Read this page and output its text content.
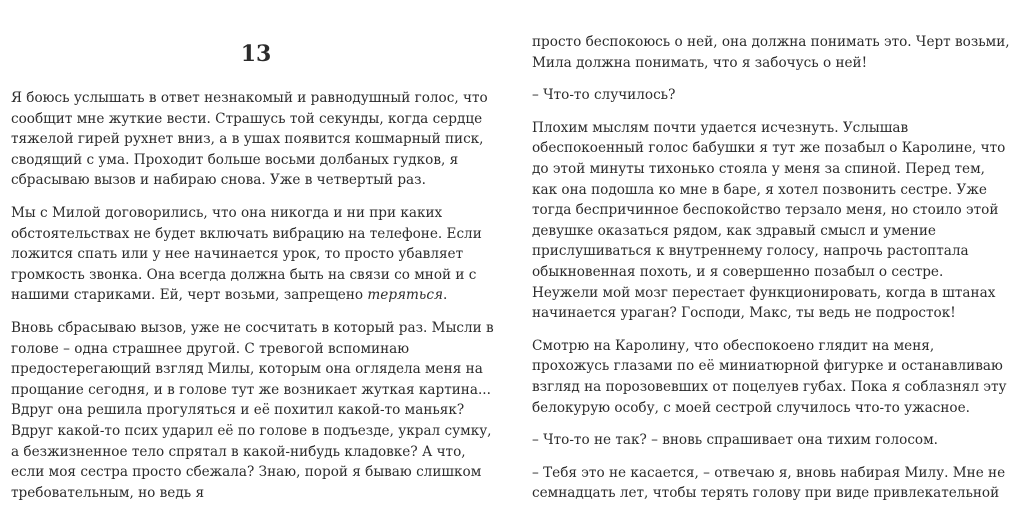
13

Я боюсь услышать в ответ незнакомый и равнодушный голос, что сообщит мне жуткие вести. Страшусь той секунды, когда сердце тяжелой гирей рухнет вниз, а в ушах появится кошмарный писк, сводящий с ума. Проходит больше восьми долбаных гудков, я сбрасываю вызов и набираю снова. Уже в четвертый раз.

Мы с Милой договорились, что она никогда и ни при каких обстоятельствах не будет включать вибрацию на телефоне. Если ложится спать или у нее начинается урок, то просто убавляет громкость звонка. Она всегда должна быть на связи со мной и с нашими стариками. Ей, черт возьми, запрещено теряться.

Вновь сбрасываю вызов, уже не сосчитать в который раз. Мысли в голове – одна страшнее другой. С тревогой вспоминаю предостерегающий взгляд Милы, которым она оглядела меня на прощание сегодня, и в голове тут же возникает жуткая картина... Вдруг она решила прогуляться и её похитил какой-то маньяк? Вдруг какой-то псих ударил её по голове в подъезде, украл сумку, а безжизненное тело спрятал в какой-нибудь кладовке? А что, если моя сестра просто сбежала? Знаю, порой я бываю слишком требовательным, но ведь я

просто беспокоюсь о ней, она должна понимать это. Черт возьми, Мила должна понимать, что я забочусь о ней!

– Что-то случилось?

Плохим мыслям почти удается исчезнуть. Услышав обеспокоенный голос бабушки я тут же позабыл о Каролине, что до этой минуты тихонько стояла у меня за спиной. Перед тем, как она подошла ко мне в баре, я хотел позвонить сестре. Уже тогда беспричинное беспокойство терзало меня, но стоило этой девушке оказаться рядом, как здравый смысл и умение прислушиваться к внутреннему голосу, напрочь растоптала обыкновенная похоть, и я совершенно позабыл о сестре. Неужели мой мозг перестает функционировать, когда в штанах начинается ураган? Господи, Макс, ты ведь не подросток!

Смотрю на Каролину, что обеспокоено глядит на меня, прохожусь глазами по её миниатюрной фигурке и останавливаю взгляд на порозовевших от поцелуев губах. Пока я соблазнял эту белокурую особу, с моей сестрой случилось что-то ужасное.

– Что-то не так? – вновь спрашивает она тихим голосом.

– Тебя это не касается, – отвечаю я, вновь набирая Милу. Мне не семнадцать лет, чтобы терять голову при виде привлекательной
